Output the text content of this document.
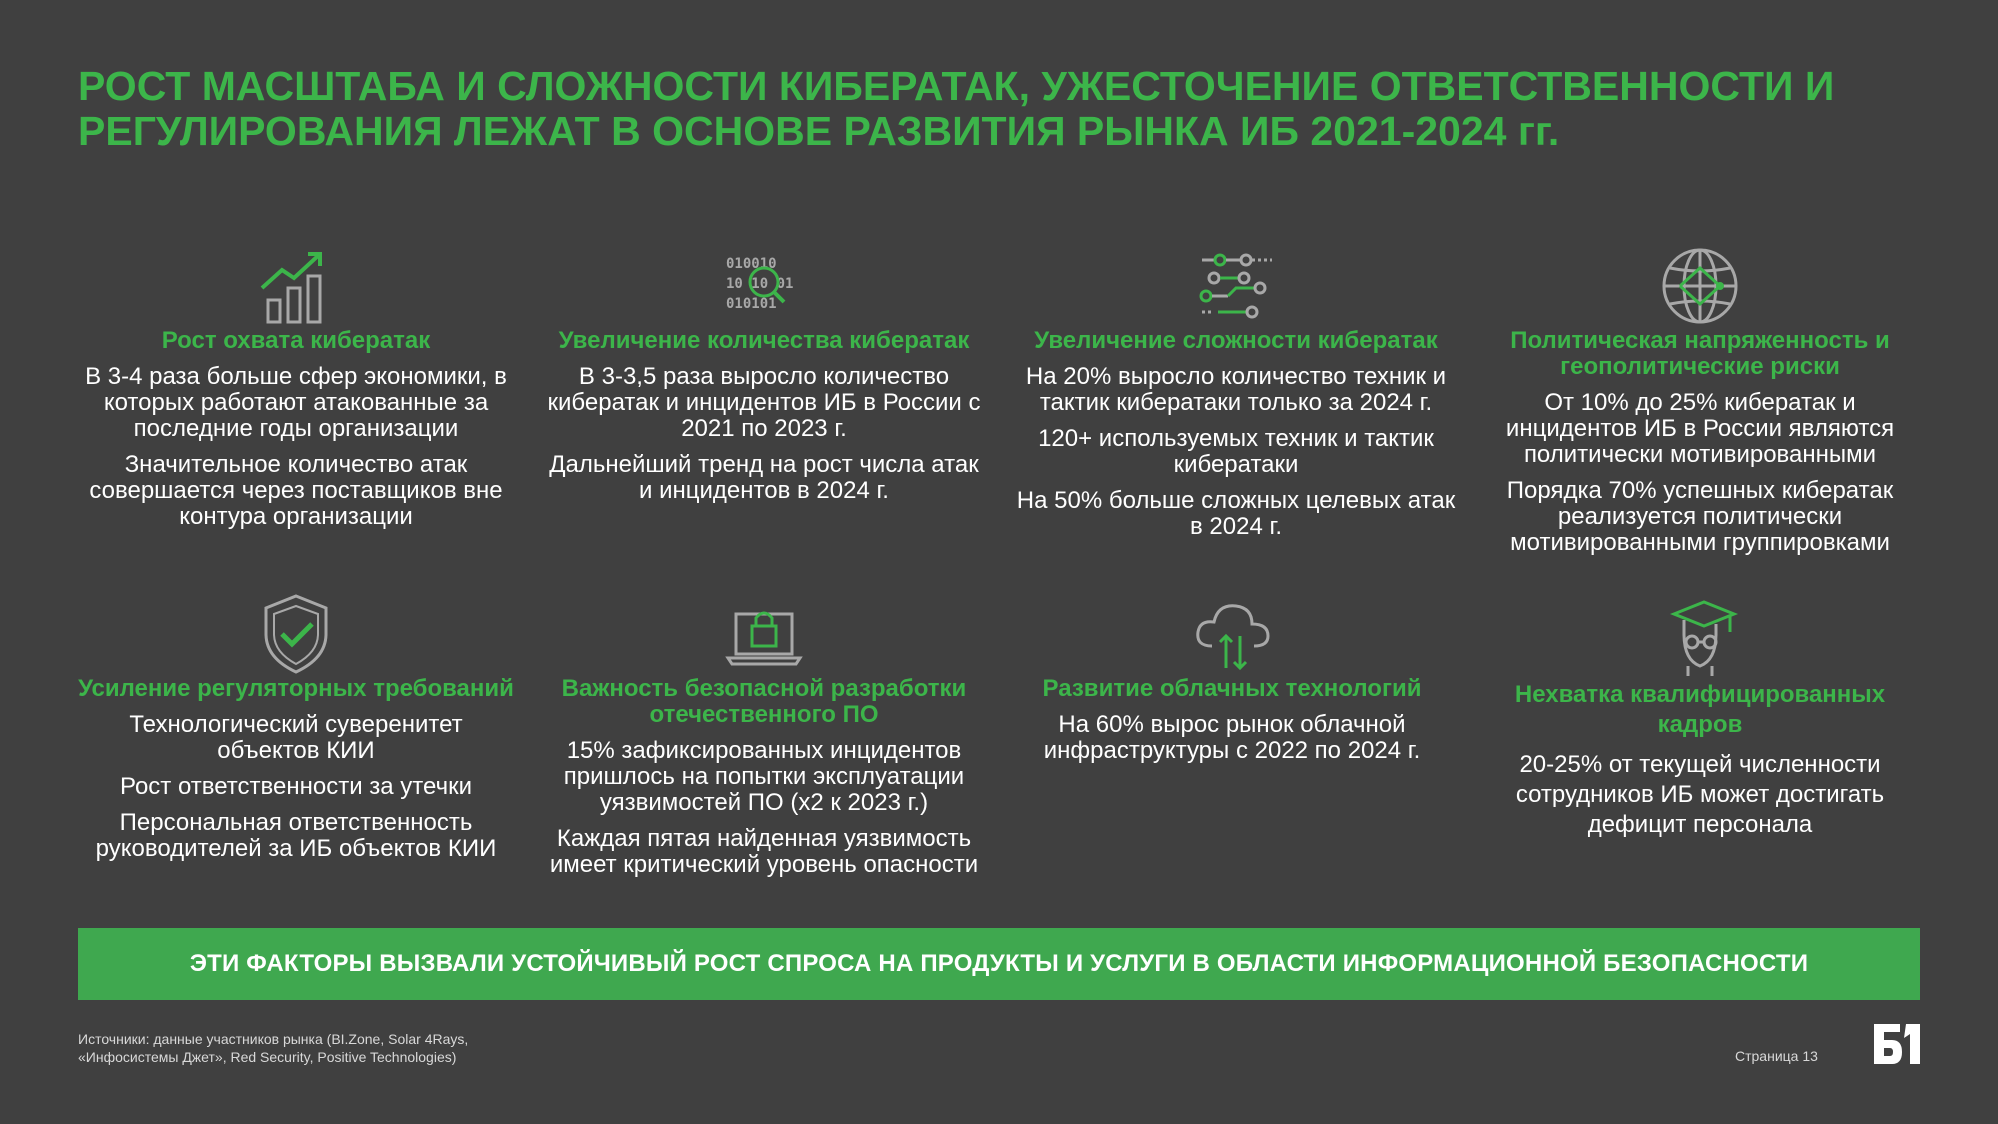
РОСТ МАСШТАБА И СЛОЖНОСТИ КИБЕРАТАК, УЖЕСТОЧЕНИЕ ОТВЕТСТВЕННОСТИ И
РЕГУЛИРОВАНИЯ ЛЕЖАТ В ОСНОВЕ РАЗВИТИЯ РЫНКА ИБ 2021-2024 гг.
Рост охвата кибератак

В 3-4 раза больше сфер экономики, в которых работают атакованные за последние годы организации

Значительное количество атак совершается через поставщиков вне контура организации

010010
10 10 01
010101
Увеличение количества кибератак

В 3-3,5 раза выросло количество кибератак и инцидентов ИБ в России с 2021 по 2023 г.

Дальнейший тренд на рост числа атак и инцидентов в 2024 г.

Увеличение сложности кибератак

На 20% выросло количество техник и тактик кибератаки только за 2024 г.

120+ используемых техник и тактик кибератаки

На 50% больше сложных целевых атак в 2024 г.

Политическая напряженность и геополитические риски

От 10% до 25% кибератак и инцидентов ИБ в России являются политически мотивированными

Порядка 70% успешных кибератак реализуется политически мотивированными группировками

Усиление регуляторных требований

Технологический суверенитет объектов КИИ

Рост ответственности за утечки

Персональная ответственность руководителей за ИБ объектов КИИ

Важность безопасной разработки отечественного ПО

15% зафиксированных инцидентов пришлось на попытки эксплуатации уязвимостей ПО (x2 к 2023 г.)

Каждая пятая найденная уязвимость имеет критический уровень опасности

Развитие облачных технологий

На 60% вырос рынок облачной инфраструктуры с 2022 по 2024 г.

Нехватка квалифицированных кадров

20-25% от текущей численности сотрудников ИБ может достигать дефицит персонала

ЭТИ ФАКТОРЫ ВЫЗВАЛИ УСТОЙЧИВЫЙ РОСТ СПРОСА НА ПРОДУКТЫ И УСЛУГИ В ОБЛАСТИ ИНФОРМАЦИОННОЙ БЕЗОПАСНОСТИ
Источники: данные участников рынка (BI.Zone, Solar 4Rays,
«Инфосистемы Джет», Red Security, Positive Technologies)	Страница 13
